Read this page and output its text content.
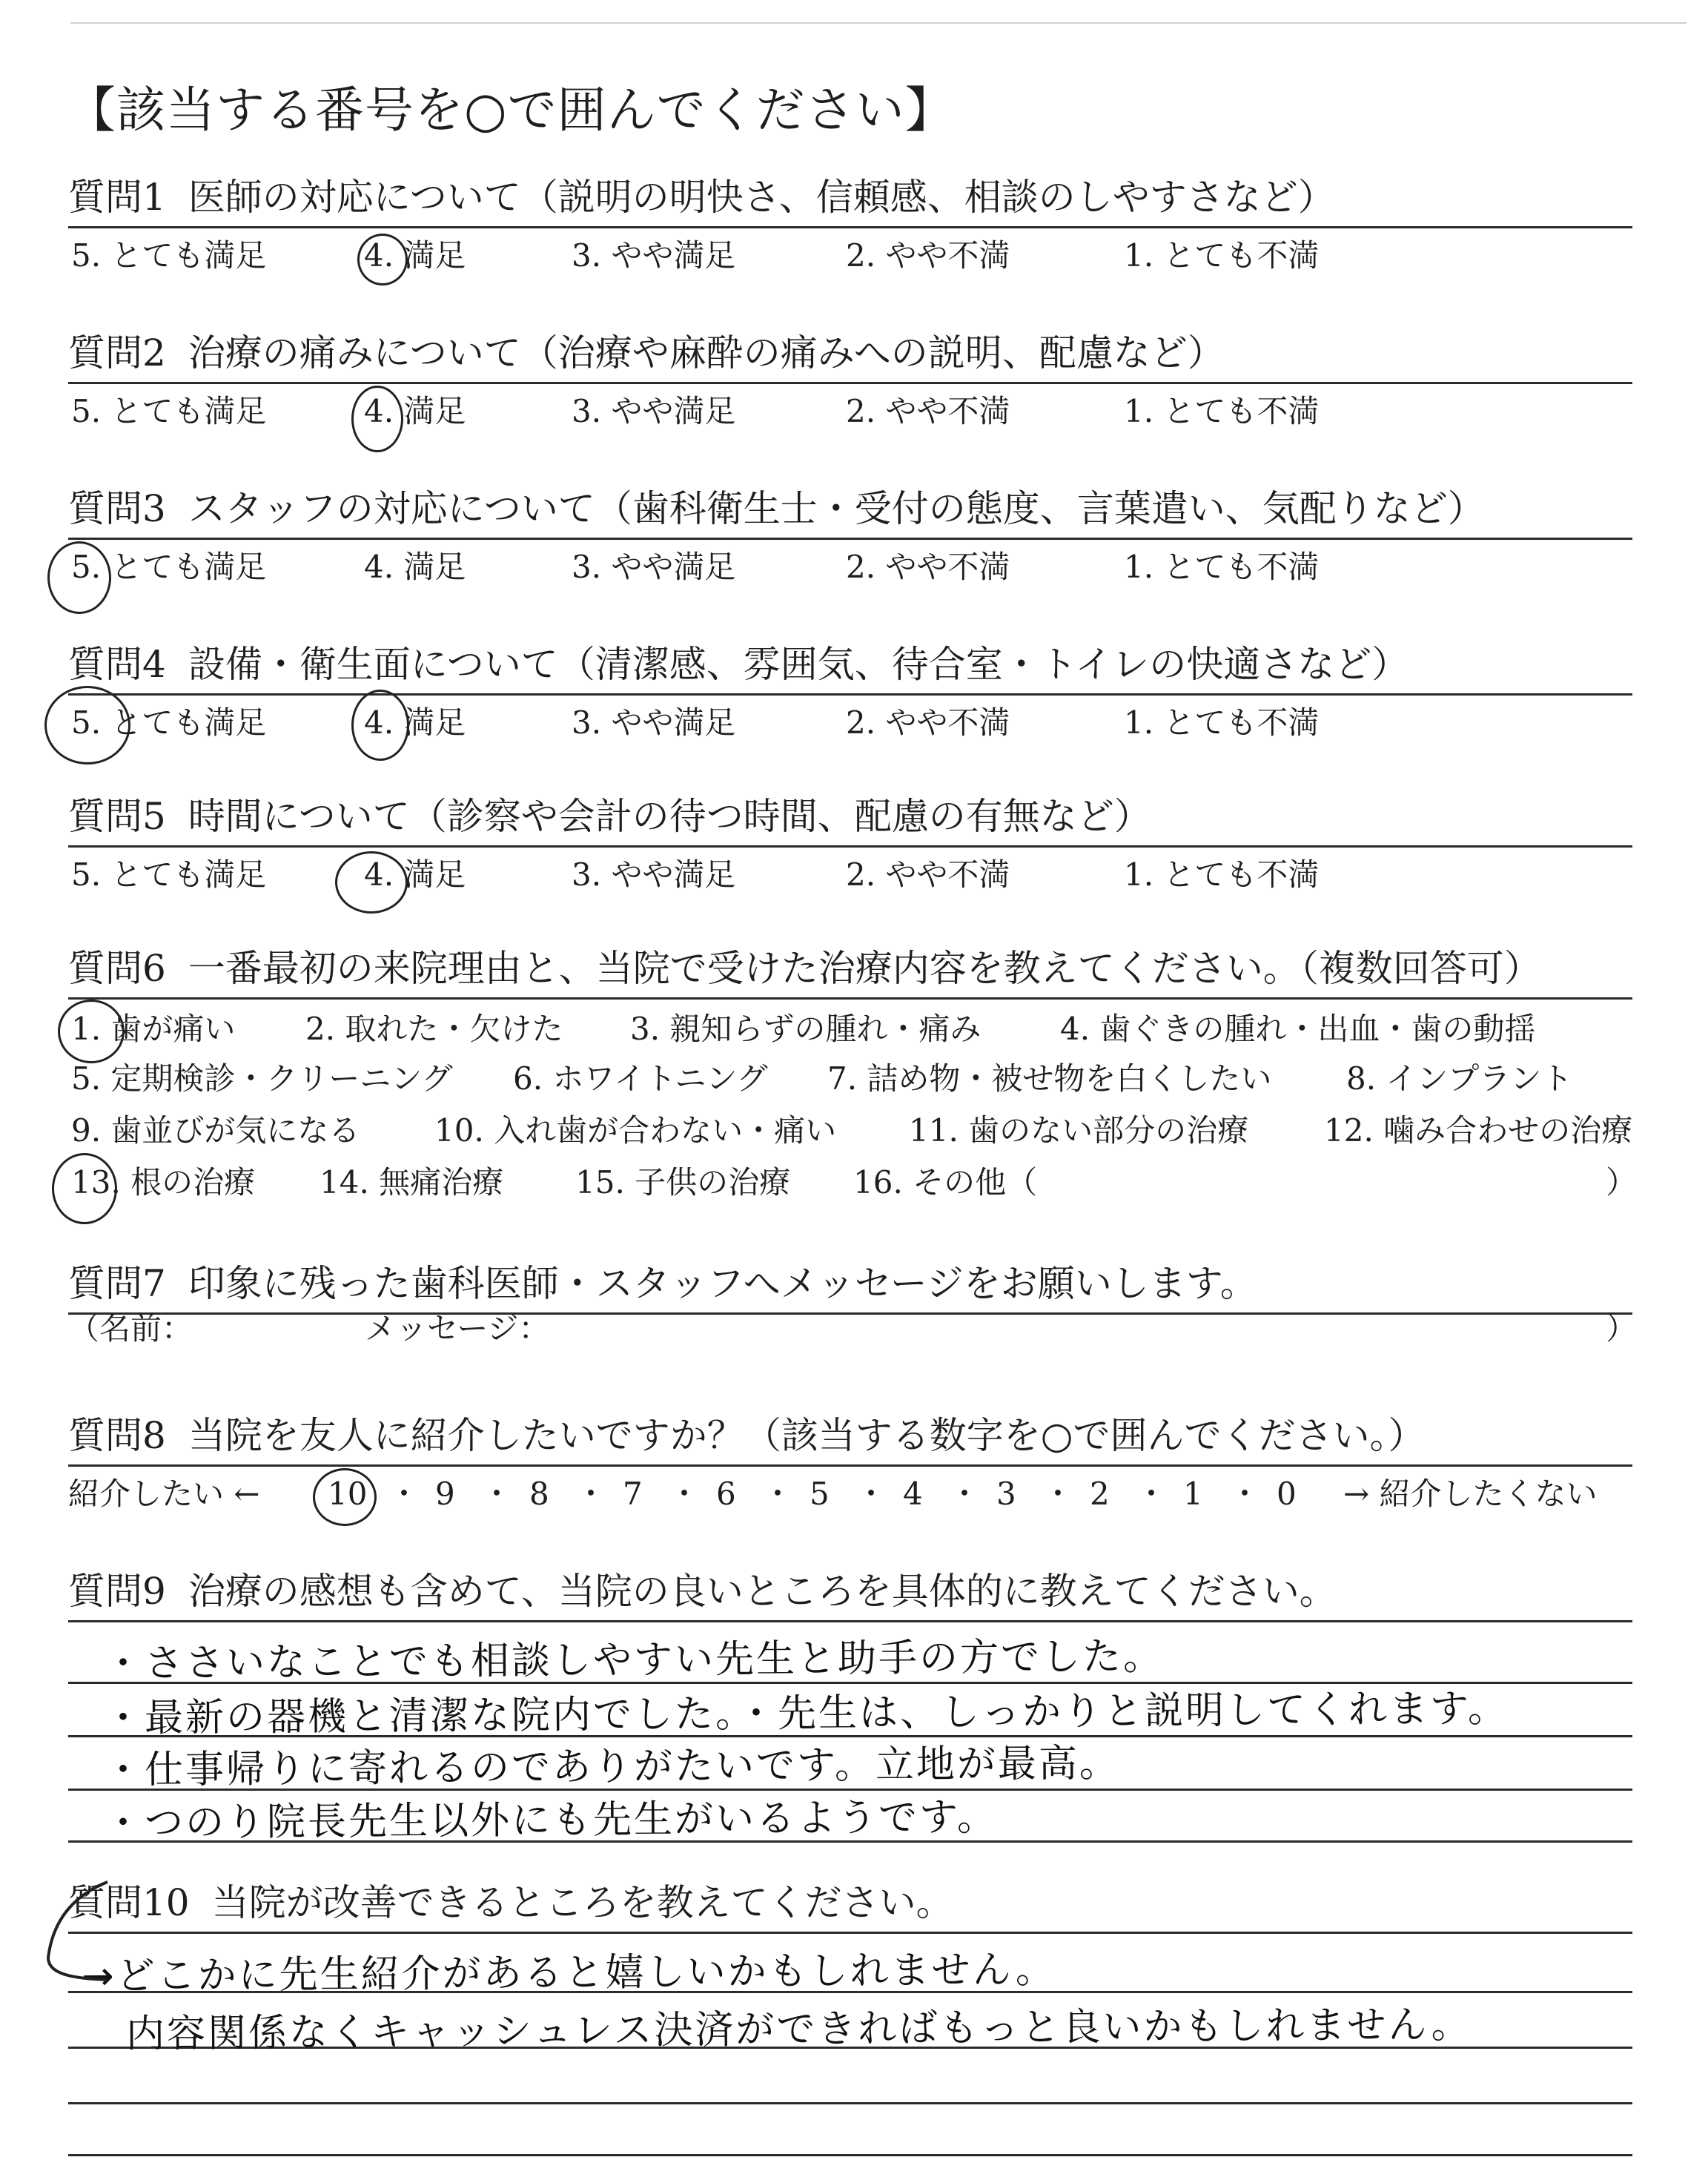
【該当する番号を○で囲んでください】
質問1 医師の対応について（説明の明快さ、信頼感、相談のしやすさなど）
5. とても満足	4. 満足	3. やや満足	2. やや不満	1. とても不満
質問2 治療の痛みについて（治療や麻酔の痛みへの説明、配慮など）
5. とても満足	4. 満足	3. やや満足	2. やや不満	1. とても不満
質問3 スタッフの対応について（歯科衛生士・受付の態度、言葉遣い、気配りなど）
5. とても満足	4. 満足	3. やや満足	2. やや不満	1. とても不満
質問4 設備・衛生面について（清潔感、雰囲気、待合室・トイレの快適さなど）
5. とても満足	4. 満足	3. やや満足	2. やや不満	1. とても不満
質問5 時間について（診察や会計の待つ時間、配慮の有無など）
5. とても満足	4. 満足	3. やや満足	2. やや不満	1. とても不満
質問6 一番最初の来院理由と、当院で受けた治療内容を教えてください。（複数回答可）
1. 歯が痛い 2. 取れた・欠けた 3. 親知らずの腫れ・痛み	4. 歯ぐきの腫れ・出血・歯の動揺
5. 定期検診・クリーニング 6. ホワイトニング 7. 詰め物・被せ物を白くしたい 8. インプラント
9. 歯並びが気になる 10. 入れ歯が合わない・痛い 11. 歯のない部分の治療 12. 噛み合わせの治療
13. 根の治療 14. 無痛治療 15. 子供の治療 16. その他（	）
質問7 印象に残った歯科医師・スタッフへメッセージをお願いします。
（名前：	メッセージ：	）
質問8 当院を友人に紹介したいですか？（該当する数字を○で囲んでください。）
紹介したい ← 10 ・ 9 ・ 8 ・ 7 ・ 6 ・ 5 ・ 4 ・ 3 ・ 2 ・ 1 ・ 0 → 紹介したくない
質問9 治療の感想も含めて、当院の良いところを具体的に教えてください。
・ささいなことでも相談しやすい先生と助手の方でした。
・最新の器機と清潔な院内でした。・先生は、しっかりと説明してくれます。
・仕事帰りに寄れるのでありがたいです。立地が最高。
・つのり院長先生以外にも先生がいるようです。
質問10 当院が改善できるところを教えてください。
→どこかに先生紹介があると嬉しいかもしれません。
内容関係なくキャッシュレス決済ができればもっと良いかもしれません。
